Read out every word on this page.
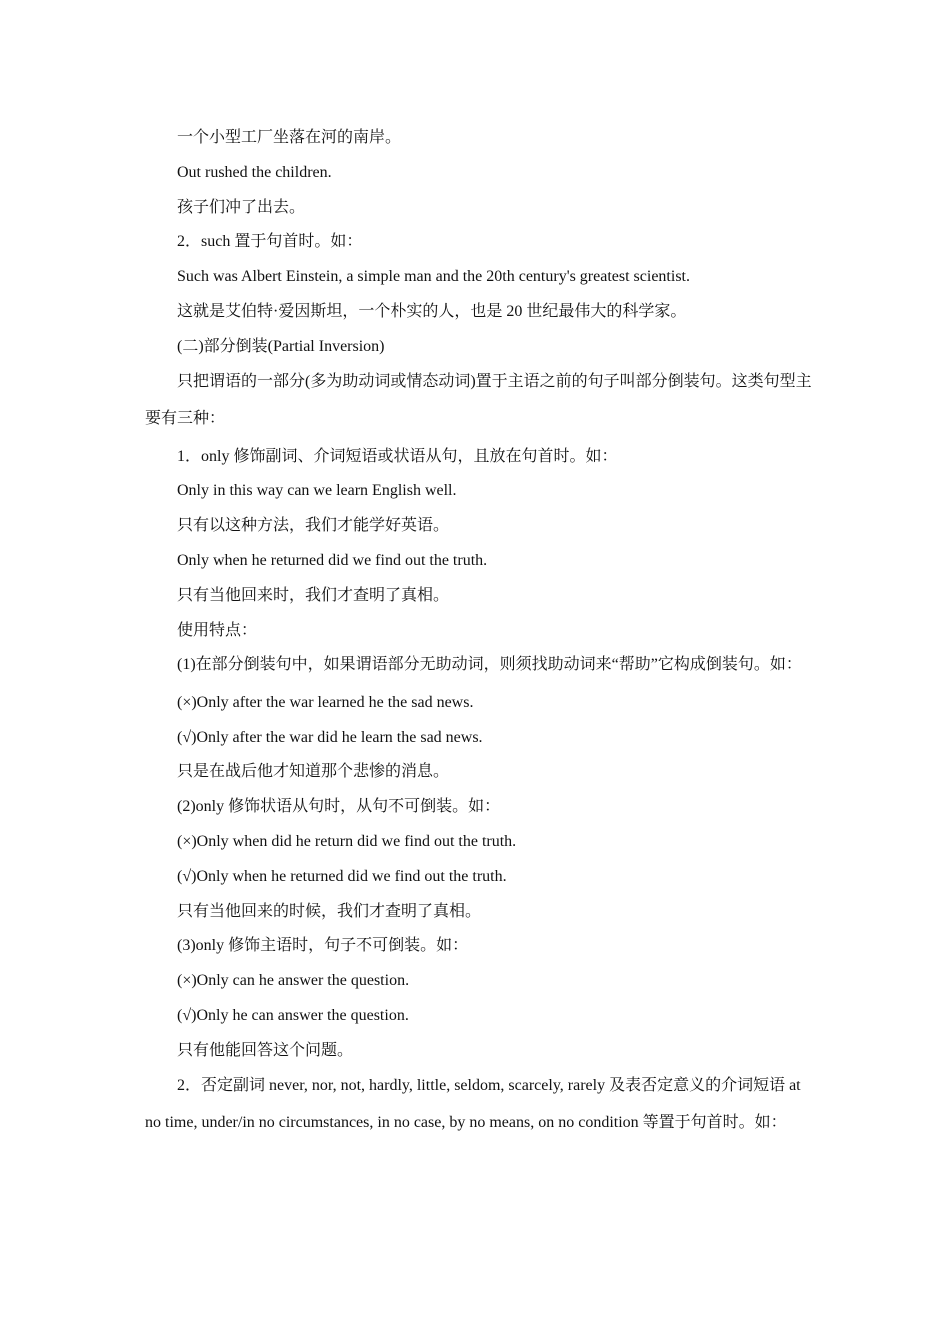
一个小型工厂坐落在河的南岸。

Out rushed the children.

孩子们冲了出去。

2．such 置于句首时。如：

Such was Albert Einstein, a simple man and the 20th century's greatest scientist.

这就是艾伯特·爱因斯坦，一个朴实的人，也是 20 世纪最伟大的科学家。

(二)部分倒装(Partial Inversion)

只把谓语的一部分(多为助动词或情态动词)置于主语之前的句子叫部分倒装句。这类句型主要有三种：

1．only 修饰副词、介词短语或状语从句，且放在句首时。如：

Only in this way can we learn English well.

只有以这种方法，我们才能学好英语。

Only when he returned did we find out the truth.

只有当他回来时，我们才查明了真相。

使用特点：

(1)在部分倒装句中，如果谓语部分无助动词，则须找助动词来“帮助”它构成倒装句。如：

(×)Only after the war learned he the sad news.

(√)Only after the war did he learn the sad news.

只是在战后他才知道那个悲惨的消息。

(2)only 修饰状语从句时，从句不可倒装。如：

(×)Only when did he return did we find out the truth.

(√)Only when he returned did we find out the truth.

只有当他回来的时候，我们才查明了真相。

(3)only 修饰主语时，句子不可倒装。如：

(×)Only can he answer the question.

(√)Only he can answer the question.

只有他能回答这个问题。

2．否定副词 never, nor, not, hardly, little, seldom, scarcely, rarely 及表否定意义的介词短语 at no time, under/in no circumstances, in no case, by no means, on no condition 等置于句首时。如：
